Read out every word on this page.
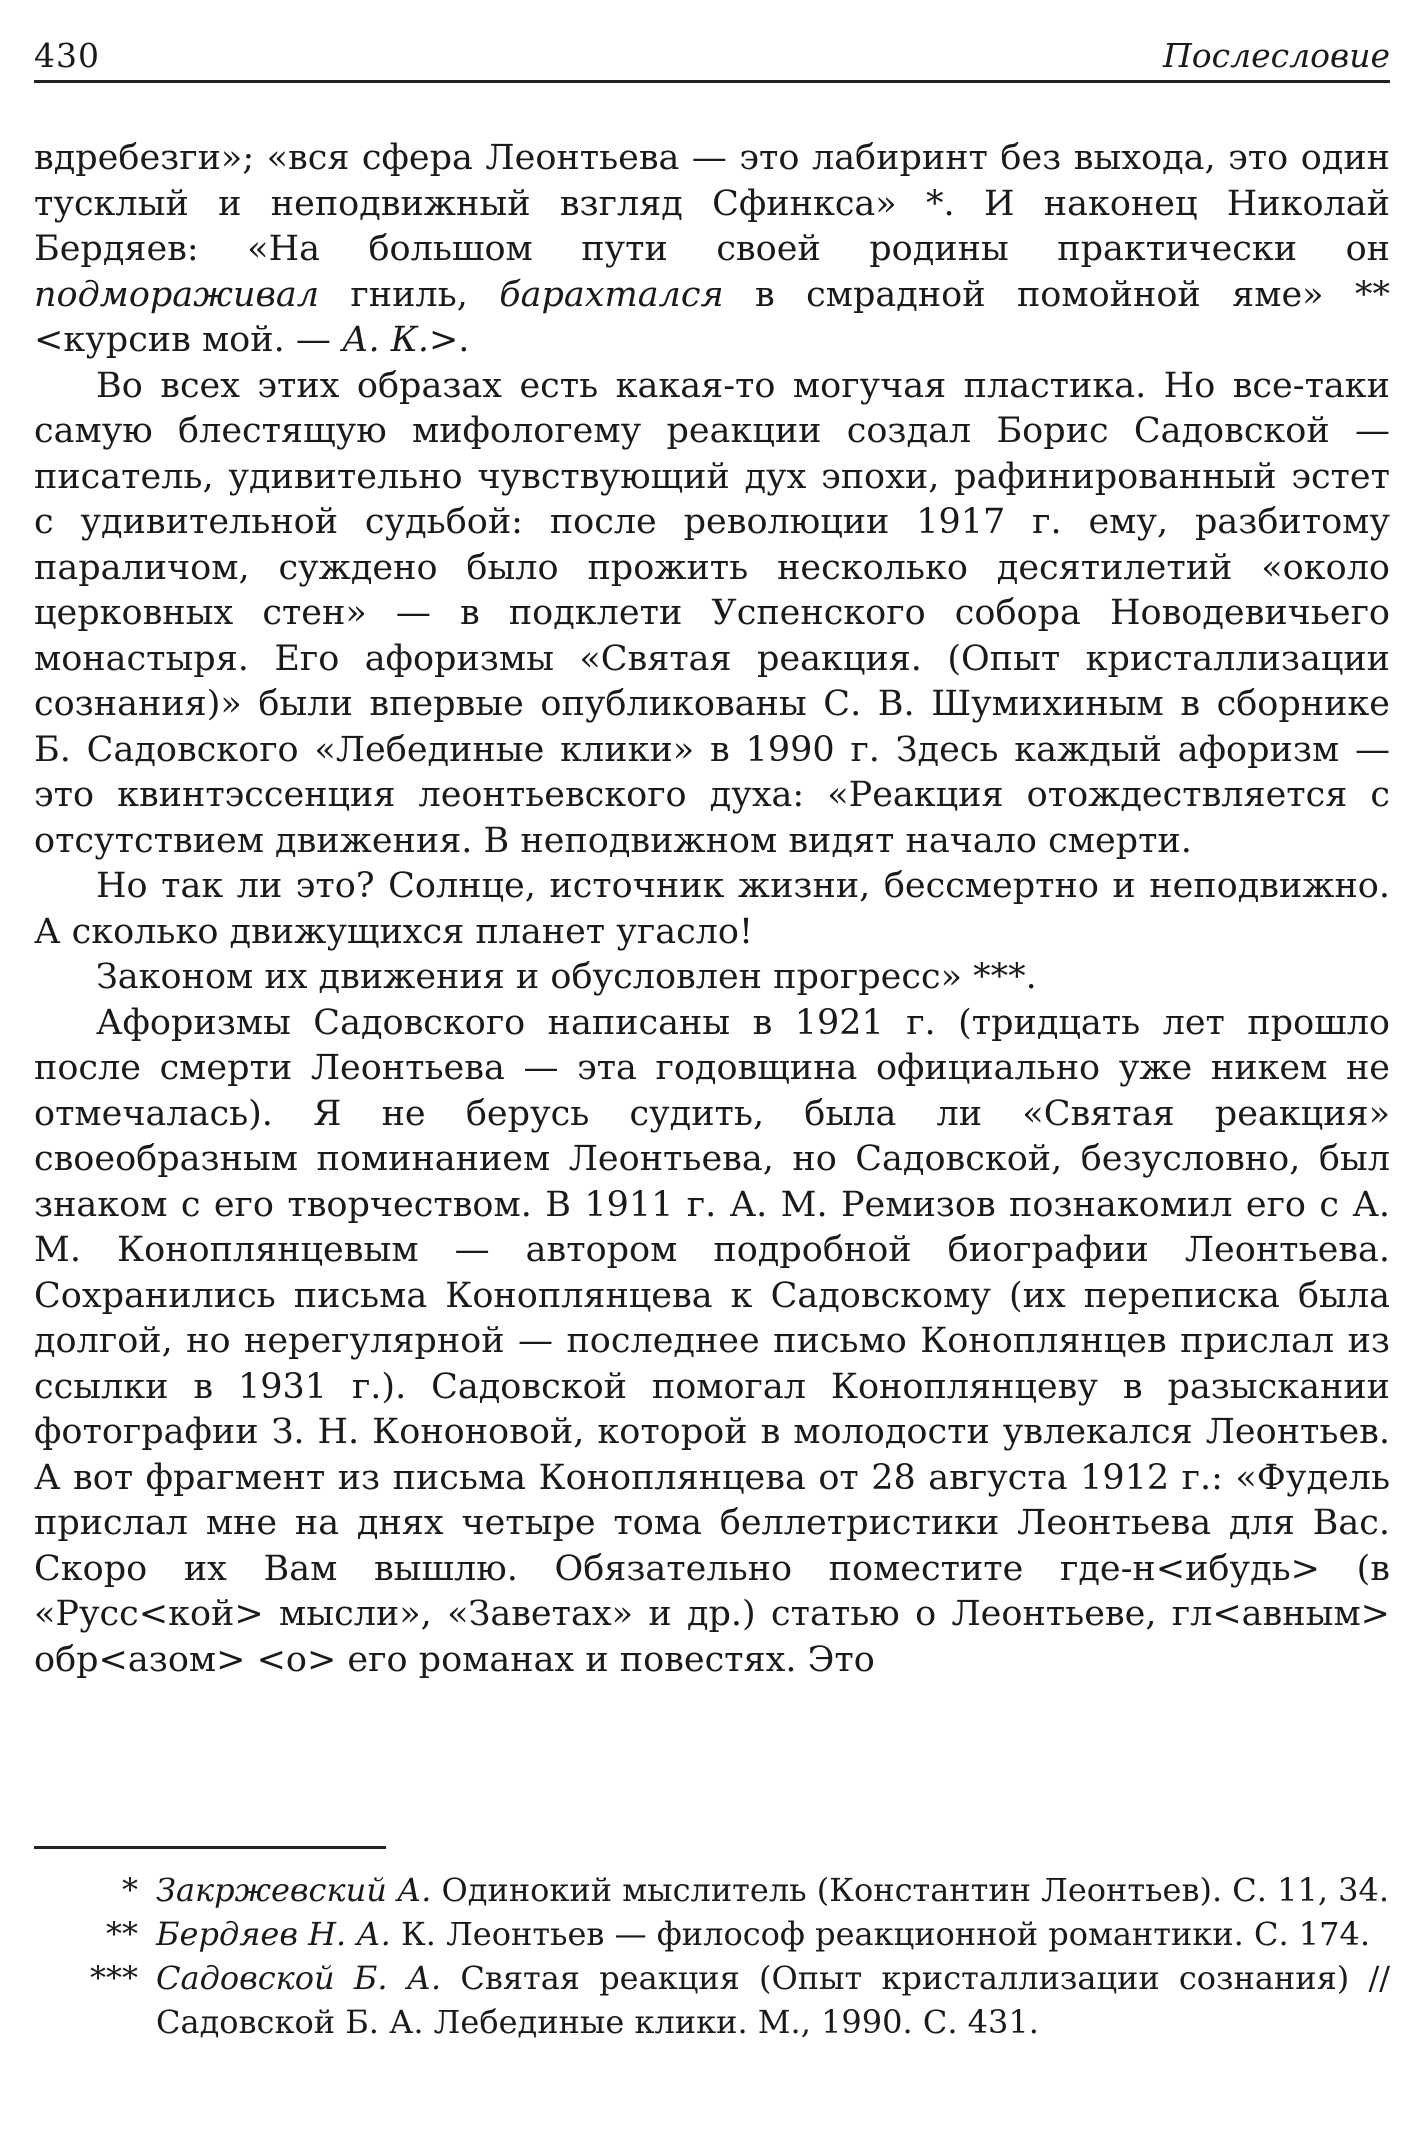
430	Послесловие

вдребезги»; «вся сфера Леонтьева — это лабиринт без выхода, это один тусклый и неподвижный взгляд Сфинкса» *. И наконец Николай Бердяев: «На большом пути своей родины практически он подмораживал гниль, барахтался в смрадной помойной яме» ** <курсив мой. — А. К.>.

Во всех этих образах есть какая-то могучая пластика. Но все-таки самую блестящую мифологему реакции создал Борис Садовской — писатель, удивительно чувствующий дух эпохи, рафинированный эстет с удивительной судьбой: после революции 1917 г. ему, разбитому параличом, суждено было прожить несколько десятилетий «около церковных стен» — в подклети Успенского собора Новодевичьего монастыря. Его афоризмы «Святая реакция. (Опыт кристаллизации сознания)» были впервые опубликованы С. В. Шумихиным в сборнике Б. Садовского «Лебединые клики» в 1990 г. Здесь каждый афоризм — это квинтэссенция леонтьевского духа: «Реакция отождествляется с отсутствием движения. В неподвижном видят начало смерти.

Но так ли это? Солнце, источник жизни, бессмертно и неподвижно. А сколько движущихся планет угасло!

Законом их движения и обусловлен прогресс» ***.

Афоризмы Садовского написаны в 1921 г. (тридцать лет прошло после смерти Леонтьева — эта годовщина официально уже никем не отмечалась). Я не берусь судить, была ли «Святая реакция» своеобразным поминанием Леонтьева, но Садовской, безусловно, был знаком с его творчеством. В 1911 г. А. М. Ремизов познакомил его с А. М. Коноплянцевым — автором подробной биографии Леонтьева. Сохранились письма Коноплянцева к Садовскому (их переписка была долгой, но нерегулярной — последнее письмо Коноплянцев прислал из ссылки в 1931 г.). Садовской помогал Коноплянцеву в разыскании фотографии З. Н. Кононовой, которой в молодости увлекался Леонтьев. А вот фрагмент из письма Коноплянцева от 28 августа 1912 г.: «Фудель прислал мне на днях четыре тома беллетристики Леонтьева для Вас. Скоро их Вам вышлю. Обязательно поместите где-н<ибудь> (в «Русс<кой> мысли», «Заветах» и др.) статью о Леонтьеве, гл<авным> обр<азом> <о> его романах и повестях. Это

* Закржевский А. Одинокий мыслитель (Константин Леонтьев). С. 11, 34.

** Бердяев Н. А. К. Леонтьев — философ реакционной романтики. С. 174.

*** Садовской Б. А. Святая реакция (Опыт кристаллизации сознания) // Садовской Б. А. Лебединые клики. М., 1990. С. 431.
